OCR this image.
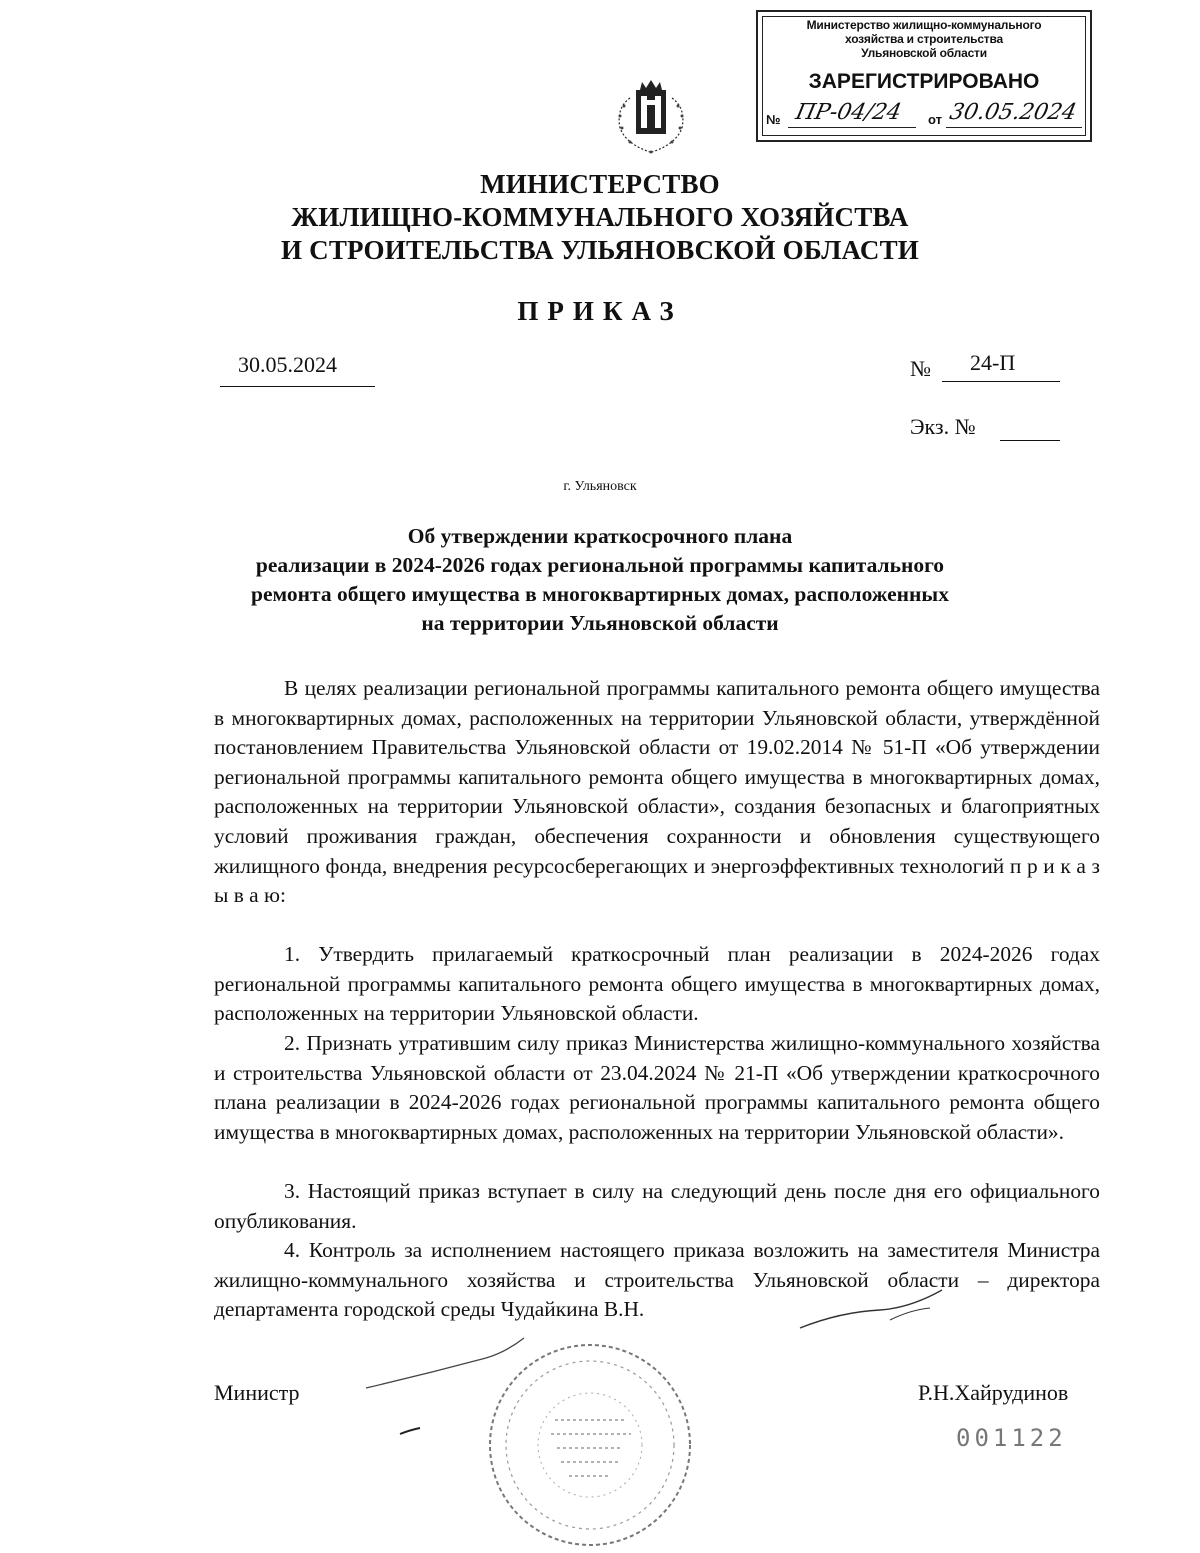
Министерство жилищно-коммунального
хозяйства и строительства
Ульяновской области
ЗАРЕГИСТРИРОВАНО
№ ПР-04/24 от 30.05.2024
МИНИСТЕРСТВО
ЖИЛИЩНО-КОММУНАЛЬНОГО ХОЗЯЙСТВА
И СТРОИТЕЛЬСТВА УЛЬЯНОВСКОЙ ОБЛАСТИ
ПРИКАЗ
30.05.2024	№ 24-П
Экз. №
г. Ульяновск
Об утверждении краткосрочного плана
реализации в 2024-2026 годах региональной программы капитального
ремонта общего имущества в многоквартирных домах, расположенных
на территории Ульяновской области

В целях реализации региональной программы капитального ремонта общего имущества в многоквартирных домах, расположенных на территории Ульяновской области, утверждённой постановлением Правительства Ульяновской области от 19.02.2014 № 51-П «Об утверждении региональной программы капитального ремонта общего имущества в многоквартирных домах, расположенных на территории Ульяновской области», создания безопасных и благоприятных условий проживания граждан, обеспечения сохранности и обновления существующего жилищного фонда, внедрения ресурсосберегающих и энергоэффективных технологий п р и к а з ы в а ю:

1. Утвердить прилагаемый краткосрочный план реализации в 2024-2026 годах региональной программы капитального ремонта общего имущества в многоквартирных домах, расположенных на территории Ульяновской области.

2. Признать утратившим силу приказ Министерства жилищно-коммунального хозяйства и строительства Ульяновской области от 23.04.2024 № 21-П «Об утверждении краткосрочного плана реализации в 2024-2026 годах региональной программы капитального ремонта общего имущества в многоквартирных домах, расположенных на территории Ульяновской области».

3. Настоящий приказ вступает в силу на следующий день после дня его официального опубликования.

4. Контроль за исполнением настоящего приказа возложить на заместителя Министра жилищно-коммунального хозяйства и строительства Ульяновской области – директора департамента городской среды Чудайкина В.Н.

Министр	Р.Н.Хайрудинов
001122
